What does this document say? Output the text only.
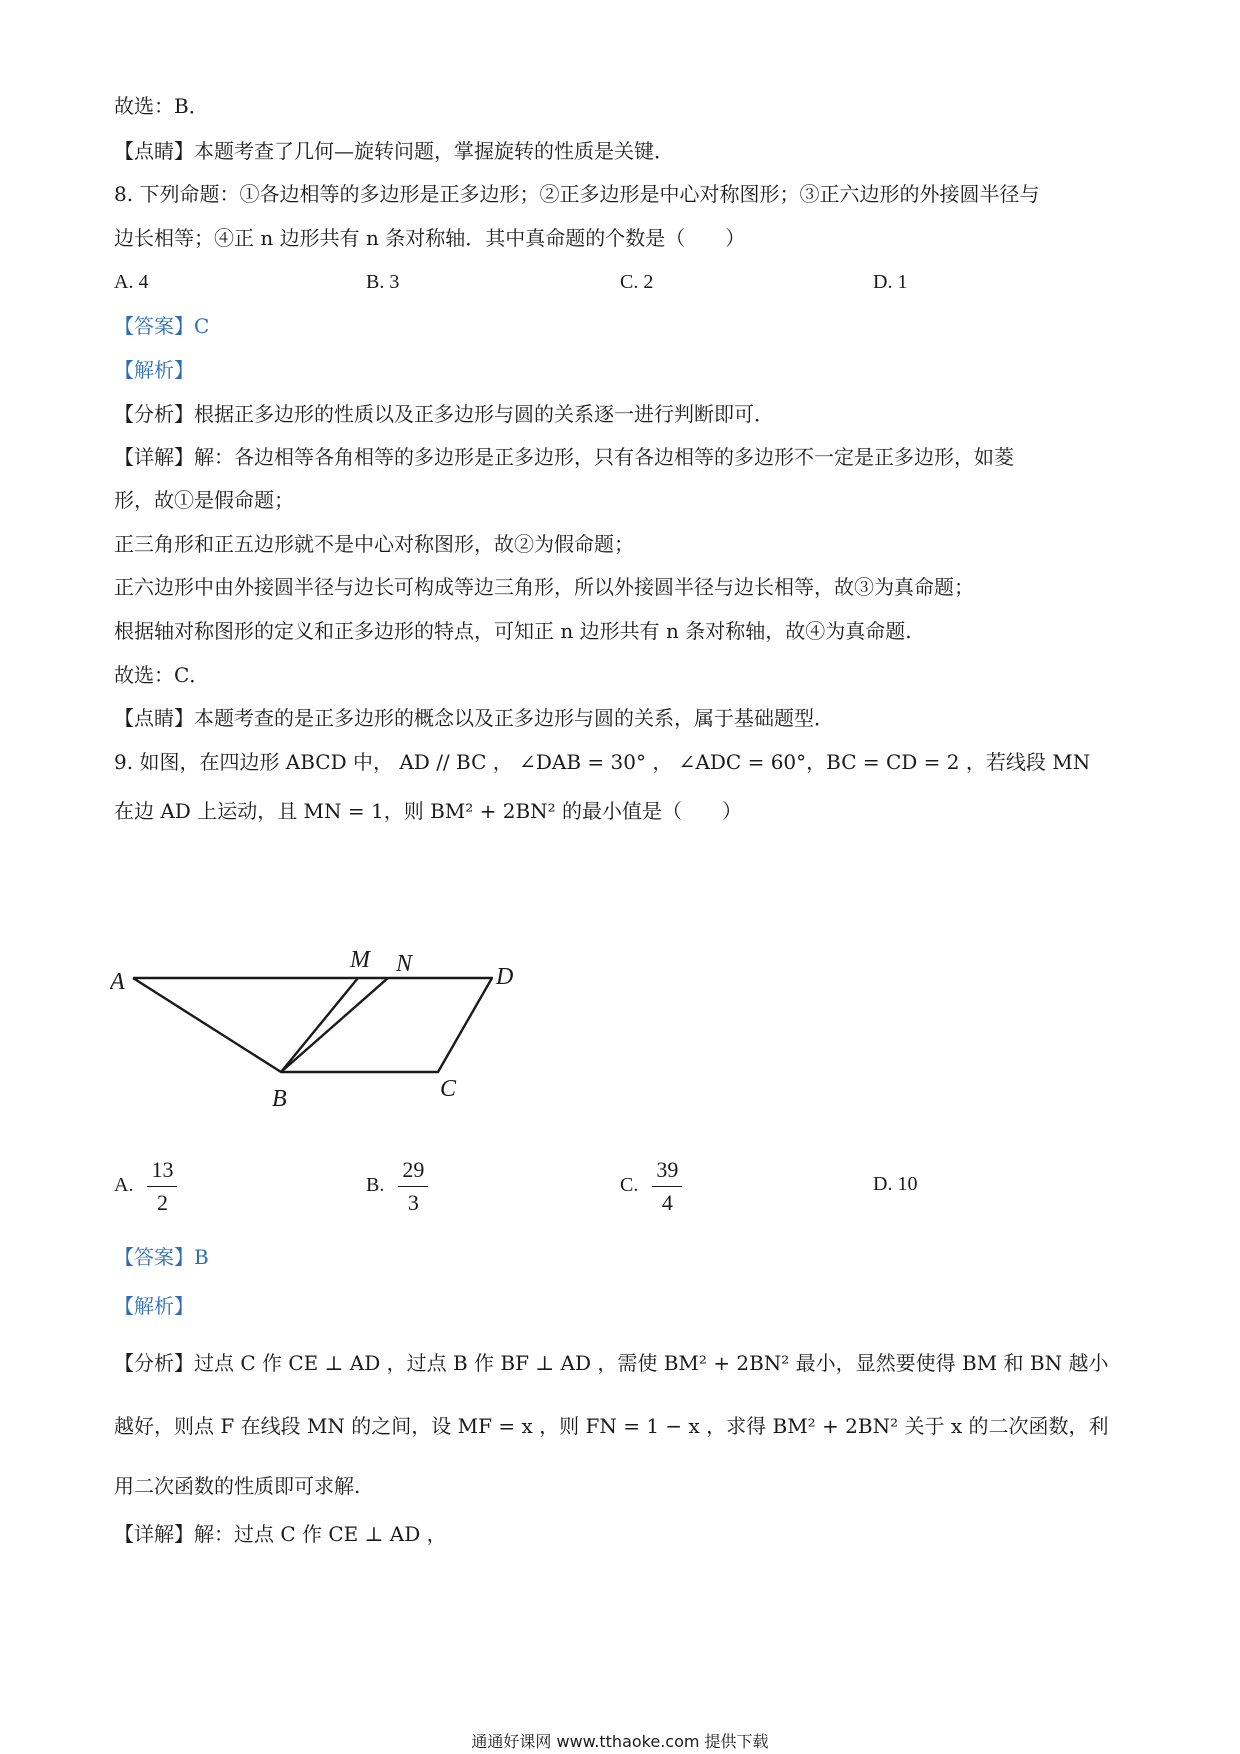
故选：B．
【点睛】本题考查了几何—旋转问题，掌握旋转的性质是关键．
8. 下列命题：①各边相等的多边形是正多边形；②正多边形是中心对称图形；③正六边形的外接圆半径与
边长相等；④正 n 边形共有 n 条对称轴．其中真命题的个数是（　　）
A. 4	B. 3	C. 2	D. 1
【答案】C
【解析】
【分析】根据正多边形的性质以及正多边形与圆的关系逐一进行判断即可．
【详解】解：各边相等各角相等的多边形是正多边形，只有各边相等的多边形不一定是正多边形，如菱
形，故①是假命题；
正三角形和正五边形就不是中心对称图形，故②为假命题；
正六边形中由外接圆半径与边长可构成等边三角形，所以外接圆半径与边长相等，故③为真命题；
根据轴对称图形的定义和正多边形的特点，可知正 n 边形共有 n 条对称轴，故④为真命题.
故选：C．
【点睛】本题考查的是正多边形的概念以及正多边形与圆的关系，属于基础题型．
9. 如图，在四边形 ABCD 中， AD // BC ， ∠DAB = 30° ， ∠ADC = 60°，BC = CD = 2 ，若线段 MN
在边 AD 上运动，且 MN = 1，则 BM² + 2BN² 的最小值是（　　）
A
M N	D
B	C
A. $\frac{13}{2}$	B. $\frac{29}{3}$	C. $\frac{39}{4}$	D. 10
【答案】B
【解析】
【分析】过点 C 作 CE ⊥ AD ，过点 B 作 BF ⊥ AD ，需使 BM² + 2BN² 最小，显然要使得 BM 和 BN 越小
越好，则点 F 在线段 MN 的之间，设 MF = x ，则 FN = 1 − x ，求得 BM² + 2BN² 关于 x 的二次函数，利
用二次函数的性质即可求解.
【详解】解：过点 C 作 CE ⊥ AD ，
通通好课网 www.tthaoke.com 提供下载
